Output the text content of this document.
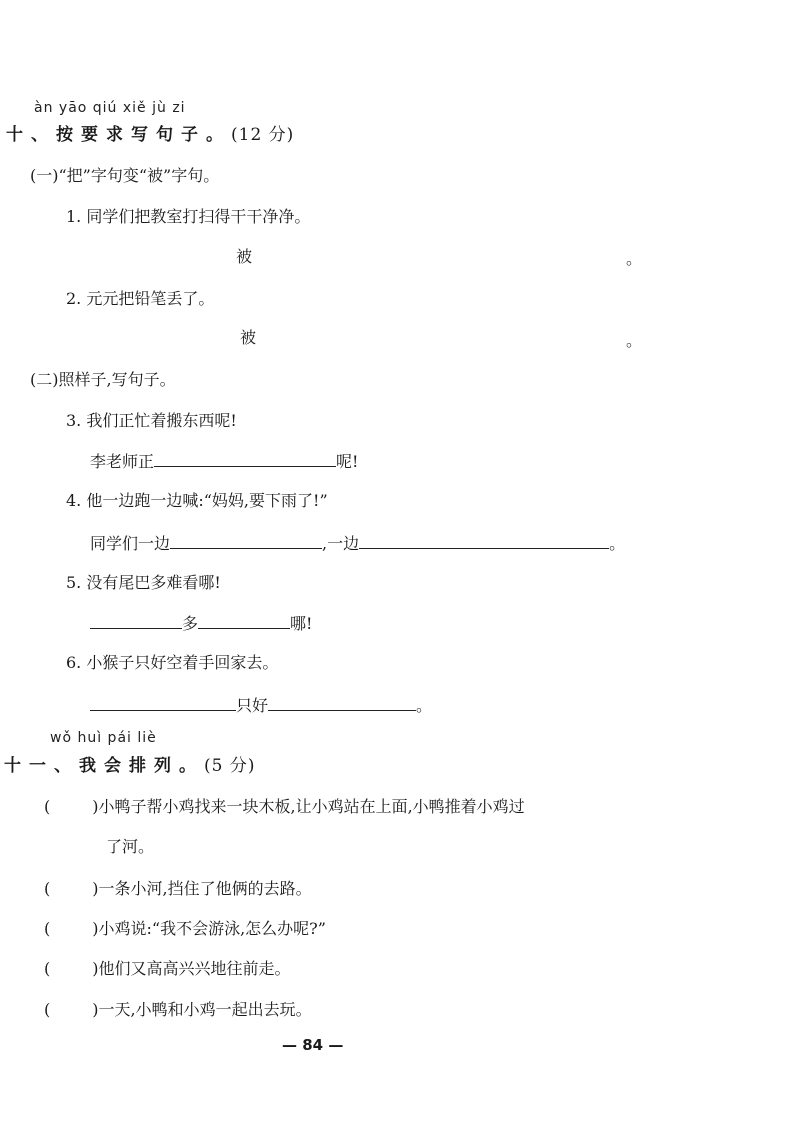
àn yāo qiú xiě jù zi
十、按要求写句子。(12 分)
(一)“把”字句变“被”字句。
1. 同学们把教室打扫得干干净净。
被	。
2. 元元把铅笔丢了。
被	。
(二)照样子,写句子。
3. 我们正忙着搬东西呢!
李老师正	呢!
4. 他一边跑一边喊:“妈妈,要下雨了!”
同学们一边	,一边	。
5. 没有尾巴多难看哪!
多	哪!
6. 小猴子只好空着手回家去。
只好	。
wǒ huì pái liè
十一、我会排列。(5 分)
(	)小鸭子帮小鸡找来一块木板,让小鸡站在上面,小鸭推着小鸡过
了河。
(	)一条小河,挡住了他俩的去路。
(	)小鸡说:“我不会游泳,怎么办呢?”
(	)他们又高高兴兴地往前走。
(	)一天,小鸭和小鸡一起出去玩。
— 84 —
